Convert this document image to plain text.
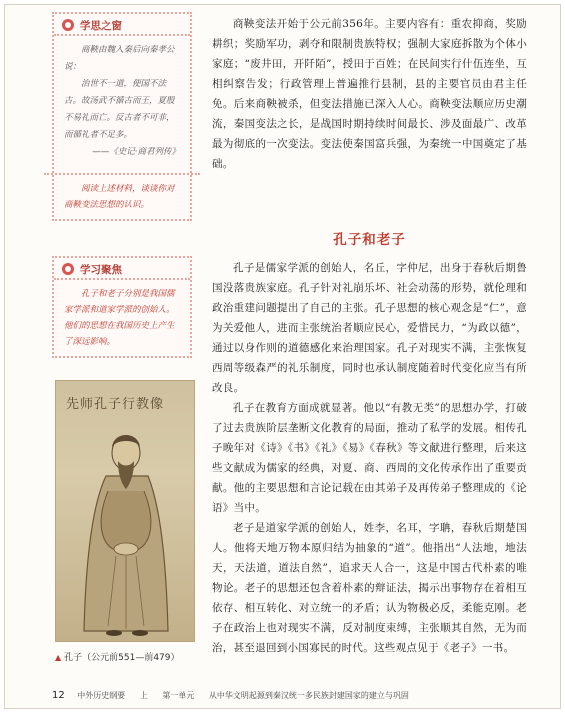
学思之窗

商鞅由魏入秦后向秦孝公说：

治世不一道，便国不法古。故汤武不循古而王，夏殷不易礼而亡。反古者不可非，而循礼者不足多。

——《史记·商君列传》

阅读上述材料，谈谈你对商鞅变法思想的认识。
学习聚焦
孔子和老子分别是我国儒家学派和道家学派的创始人。他们的思想在我国历史上产生了深远影响。
先师孔子行教像
▲ 孔子（公元前551—前479）

商鞅变法开始于公元前356年。主要内容有：重农抑商，奖励耕织；奖励军功，剥夺和限制贵族特权；强制大家庭拆散为个体小家庭；“废井田，开阡陌”，授田于百姓；在民间实行什伍连坐，互相纠察告发；行政管理上普遍推行县制，县的主要官员由君主任免。后来商鞅被杀，但变法措施已深入人心。商鞅变法顺应历史潮流，秦国变法之长，是战国时期持续时间最长、涉及面最广、改革最为彻底的一次变法。变法使秦国富兵强，为秦统一中国奠定了基础。

孔子和老子

孔子是儒家学派的创始人，名丘，字仲尼，出身于春秋后期鲁国没落贵族家庭。孔子针对礼崩乐坏、社会动荡的形势，就伦理和政治重建问题提出了自己的主张。孔子思想的核心观念是“仁”，意为关爱他人，进而主张统治者顺应民心，爱惜民力，“为政以德”，通过以身作则的道德感化来治理国家。孔子对现实不满，主张恢复西周等级森严的礼乐制度，同时也承认制度随着时代变化应当有所改良。

孔子在教育方面成就显著。他以“有教无类”的思想办学，打破了过去贵族阶层垄断文化教育的局面，推动了私学的发展。相传孔子晚年对《诗》《书》《礼》《易》《春秋》等文献进行整理，后来这些文献成为儒家的经典，对夏、商、西周的文化传承作出了重要贡献。他的主要思想和言论记载在由其弟子及再传弟子整理成的《论语》当中。

老子是道家学派的创始人，姓李，名耳，字聃，春秋后期楚国人。他将天地万物本原归结为抽象的“道”。他指出“人法地，地法天，天法道，道法自然”，追求天人合一，这是中国古代朴素的唯物论。老子的思想还包含着朴素的辩证法，揭示出事物存在着相互依存、相互转化、对立统一的矛盾；认为物极必反，柔能克刚。老子在政治上也对现实不满，反对制度束缚，主张顺其自然，无为而治，甚至退回到小国寡民的时代。这些观点见于《老子》一书。

12 中外历史纲要 上 第一单元 从中华文明起源到秦汉统一多民族封建国家的建立与巩固
